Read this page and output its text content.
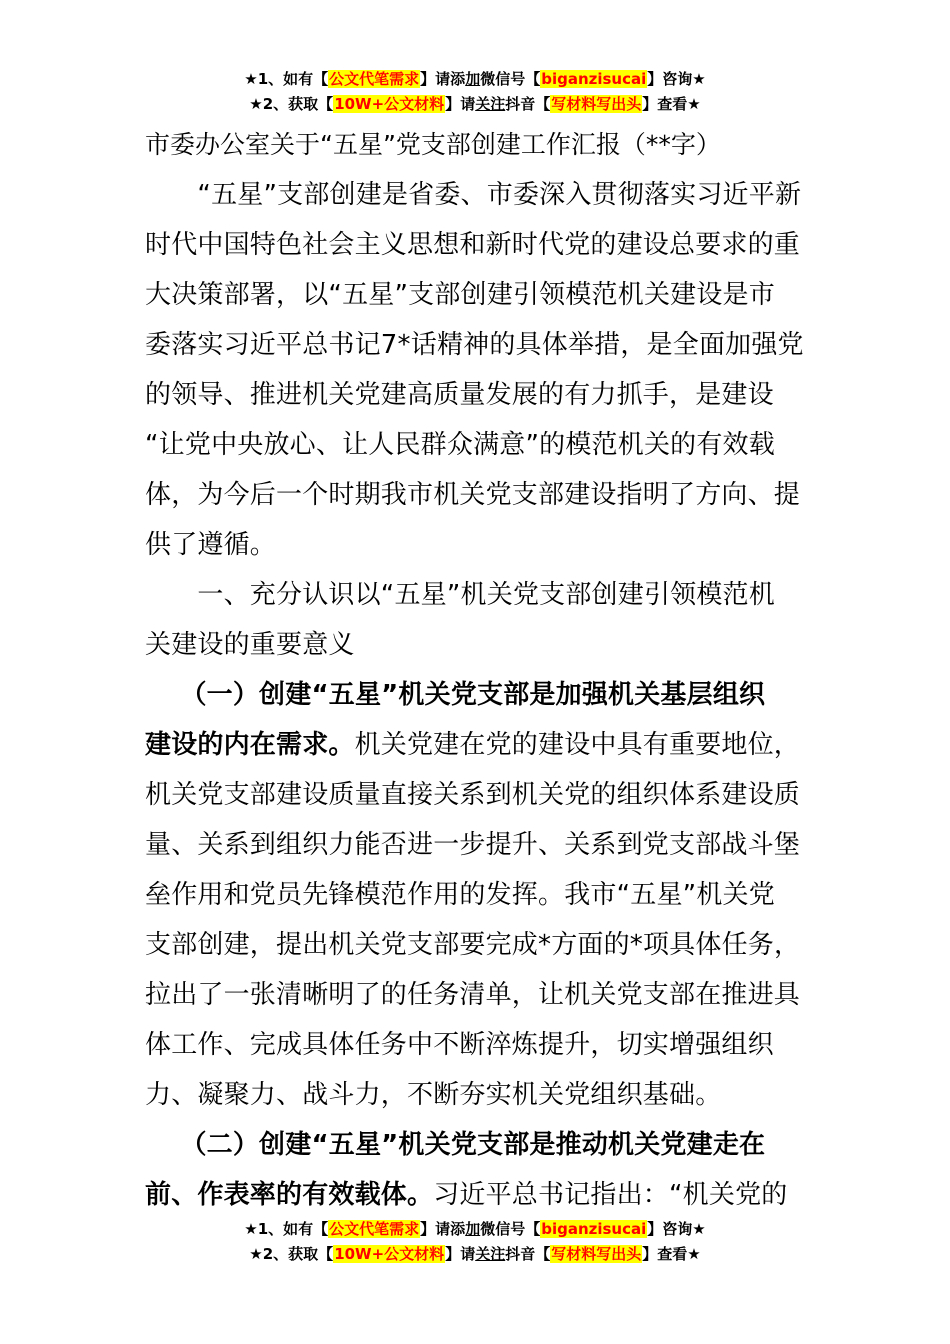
★1、如有【公文代笔需求】请添加微信号【biganzisucai】咨询★
★2、获取【10W+公文材料】请关注抖音【写材料写出头】查看★
市委办公室关于“五星”党支部创建工作汇报（**字）
　　“五星”支部创建是省委、市委深入贯彻落实习近平新
时代中国特色社会主义思想和新时代党的建设总要求的重
大决策部署，以“五星”支部创建引领模范机关建设是市
委落实习近平总书记7*话精神的具体举措，是全面加强党
的领导、推进机关党建高质量发展的有力抓手，是建设
“让党中央放心、让人民群众满意”的模范机关的有效载
体，为今后一个时期我市机关党支部建设指明了方向、提
供了遵循。
　　一、充分认识以“五星”机关党支部创建引领模范机
关建设的重要意义
　 （一）创建“五星”机关党支部是加强机关基层组织
建设的内在需求。机关党建在党的建设中具有重要地位，
机关党支部建设质量直接关系到机关党的组织体系建设质
量、关系到组织力能否进一步提升、关系到党支部战斗堡
垒作用和党员先锋模范作用的发挥。我市“五星”机关党
支部创建，提出机关党支部要完成*方面的*项具体任务，
拉出了一张清晰明了的任务清单，让机关党支部在推进具
体工作、完成具体任务中不断淬炼提升，切实增强组织
力、凝聚力、战斗力，不断夯实机关党组织基础。
　 （二）创建“五星”机关党支部是推动机关党建走在
前、作表率的有效载体。习近平总书记指出：“机关党的
★1、如有【公文代笔需求】请添加微信号【biganzisucai】咨询★
★2、获取【10W+公文材料】请关注抖音【写材料写出头】查看★
